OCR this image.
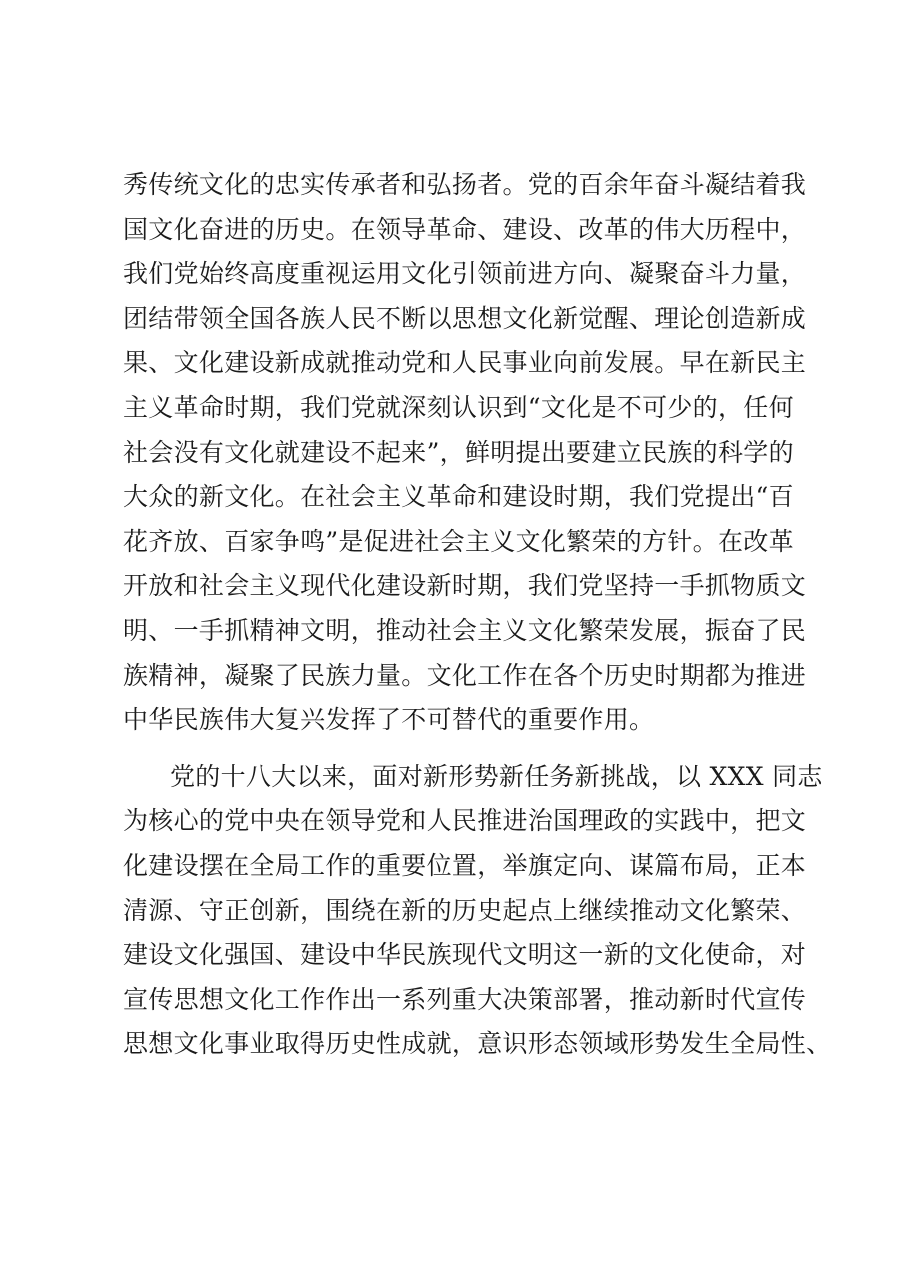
秀传统文化的忠实传承者和弘扬者。党的百余年奋斗凝结着我
国文化奋进的历史。在领导革命、建设、改革的伟大历程中，
我们党始终高度重视运用文化引领前进方向、凝聚奋斗力量，
团结带领全国各族人民不断以思想文化新觉醒、理论创造新成
果、文化建设新成就推动党和人民事业向前发展。早在新民主
主义革命时期，我们党就深刻认识到“文化是不可少的，任何
社会没有文化就建设不起来”，鲜明提出要建立民族的科学的
大众的新文化。在社会主义革命和建设时期，我们党提出“百
花齐放、百家争鸣”是促进社会主义文化繁荣的方针。在改革
开放和社会主义现代化建设新时期，我们党坚持一手抓物质文
明、一手抓精神文明，推动社会主义文化繁荣发展，振奋了民
族精神，凝聚了民族力量。文化工作在各个历史时期都为推进
中华民族伟大复兴发挥了不可替代的重要作用。
党的十八大以来，面对新形势新任务新挑战，以 XXX 同志
为核心的党中央在领导党和人民推进治国理政的实践中，把文
化建设摆在全局工作的重要位置，举旗定向、谋篇布局，正本
清源、守正创新，围绕在新的历史起点上继续推动文化繁荣、
建设文化强国、建设中华民族现代文明这一新的文化使命，对
宣传思想文化工作作出一系列重大决策部署，推动新时代宣传
思想文化事业取得历史性成就，意识形态领域形势发生全局性、
